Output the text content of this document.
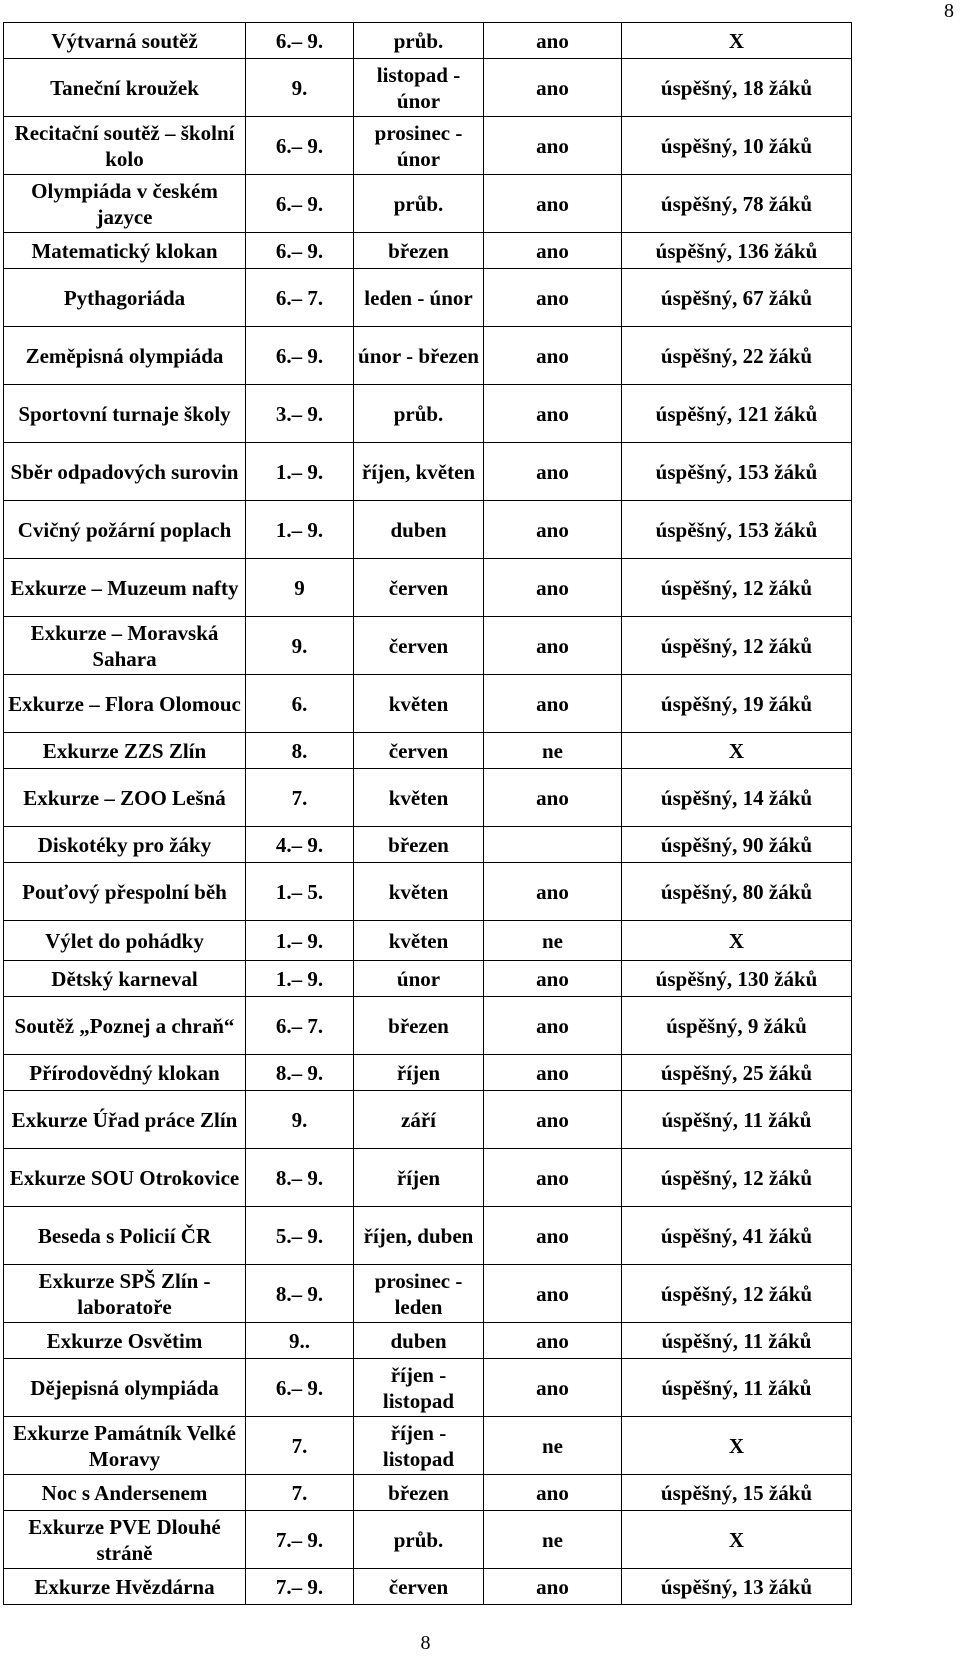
8
Výtvarná soutěž	6.– 9.	průb.	ano	X
Taneční kroužek	9.	listopad - únor	ano	úspěšný, 18 žáků
Recitační soutěž – školní kolo	6.– 9.	prosinec - únor	ano	úspěšný, 10 žáků
Olympiáda v českém jazyce	6.– 9.	průb.	ano	úspěšný, 78 žáků
Matematický klokan	6.– 9.	březen	ano	úspěšný, 136 žáků
Pythagoriáda	6.– 7.	leden - únor	ano	úspěšný, 67 žáků
Zeměpisná olympiáda	6.– 9.	únor - březen	ano	úspěšný, 22 žáků
Sportovní turnaje školy	3.– 9.	průb.	ano	úspěšný, 121 žáků
Sběr odpadových surovin	1.– 9.	říjen, květen	ano	úspěšný, 153 žáků
Cvičný požární poplach	1.– 9.	duben	ano	úspěšný, 153 žáků
Exkurze – Muzeum nafty	9	červen	ano	úspěšný, 12 žáků
Exkurze – Moravská Sahara	9.	červen	ano	úspěšný, 12 žáků
Exkurze – Flora Olomouc	6.	květen	ano	úspěšný, 19 žáků
Exkurze ZZS Zlín	8.	červen	ne	X
Exkurze – ZOO Lešná	7.	květen	ano	úspěšný, 14 žáků
Diskotéky pro žáky	4.– 9.	březen		úspěšný, 90 žáků
Pouťový přespolní běh	1.– 5.	květen	ano	úspěšný, 80 žáků
Výlet do pohádky	1.– 9.	květen	ne	X
Dětský karneval	1.– 9.	únor	ano	úspěšný, 130 žáků
Soutěž „Poznej a chraň“	6.– 7.	březen	ano	úspěšný, 9 žáků
Přírodovědný klokan	8.– 9.	říjen	ano	úspěšný, 25 žáků
Exkurze Úřad práce Zlín	9.	září	ano	úspěšný, 11 žáků
Exkurze SOU Otrokovice	8.– 9.	říjen	ano	úspěšný, 12 žáků
Beseda s Policií ČR	5.– 9.	říjen, duben	ano	úspěšný, 41 žáků
Exkurze SPŠ Zlín - laboratoře	8.– 9.	prosinec - leden	ano	úspěšný, 12 žáků
Exkurze Osvětim	9..	duben	ano	úspěšný, 11 žáků
Dějepisná olympiáda	6.– 9.	říjen - listopad	ano	úspěšný, 11 žáků
Exkurze Památník Velké Moravy	7.	říjen - listopad	ne	X
Noc s Andersenem	7.	březen	ano	úspěšný, 15 žáků
Exkurze PVE Dlouhé stráně	7.– 9.	průb.	ne	X
Exkurze Hvězdárna	7.– 9.	červen	ano	úspěšný, 13 žáků
8
